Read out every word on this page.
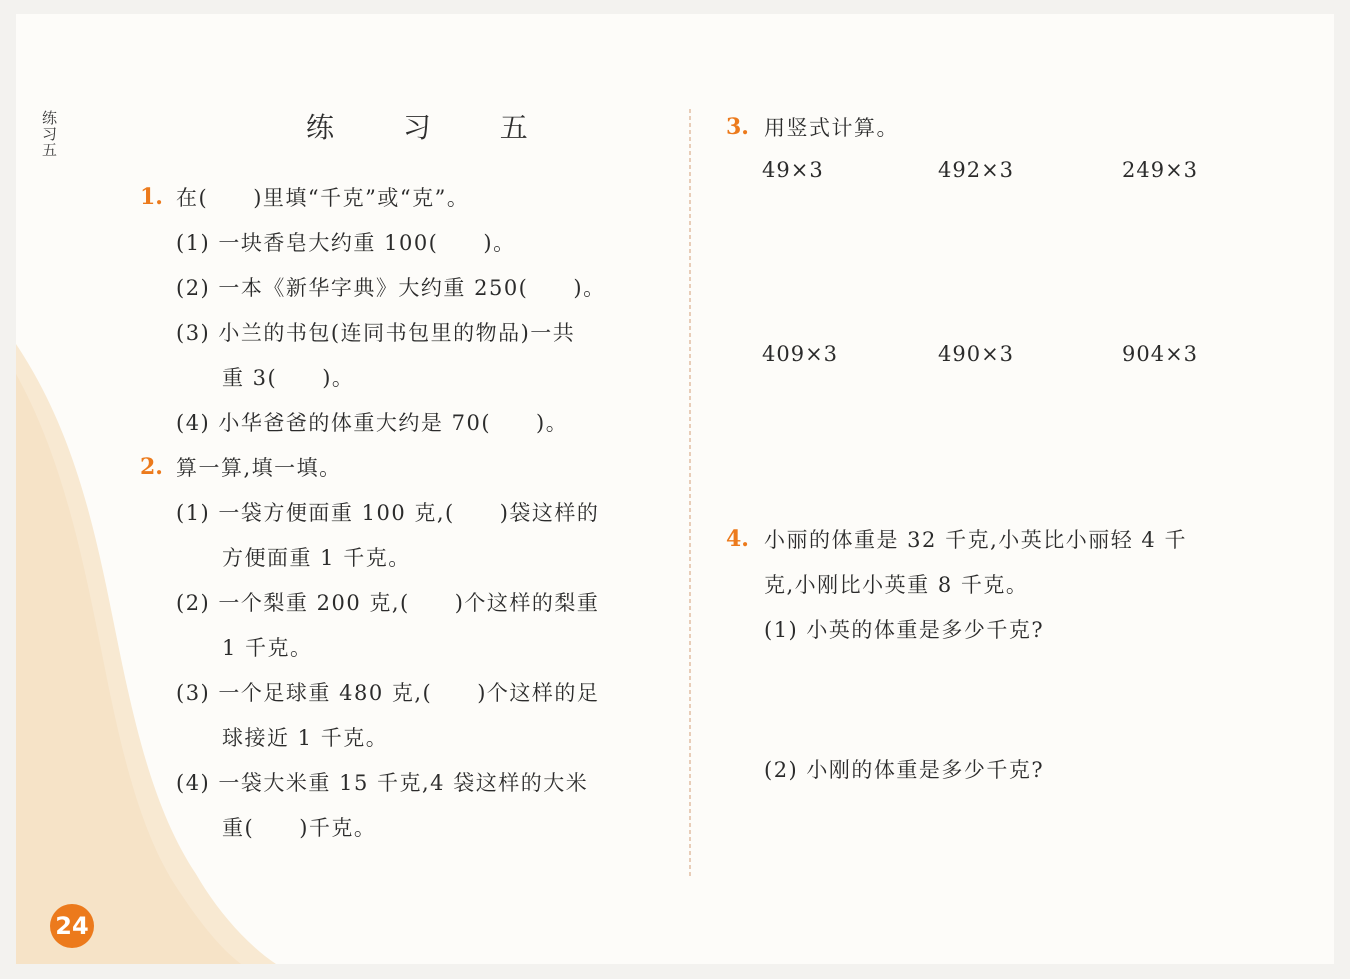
练习五	练 习 五
1. 在(　　)里填“千克”或“克”。
(1) 一块香皂大约重 100(　　)。
(2) 一本《新华字典》大约重 250(　　)。
(3) 小兰的书包(连同书包里的物品)一共
重 3(　　)。
(4) 小华爸爸的体重大约是 70(　　)。
2. 算一算,填一填。
(1) 一袋方便面重 100 克,(　　)袋这样的
方便面重 1 千克。
(2) 一个梨重 200 克,(　　)个这样的梨重
1 千克。
(3) 一个足球重 480 克,(　　)个这样的足
球接近 1 千克。
(4) 一袋大米重 15 千克,4 袋这样的大米
重(　　)千克。
3. 用竖式计算。
49×3	492×3	249×3
409×3	490×3	904×3
4. 小丽的体重是 32 千克,小英比小丽轻 4 千
克,小刚比小英重 8 千克。
(1) 小英的体重是多少千克?
(2) 小刚的体重是多少千克?
24
